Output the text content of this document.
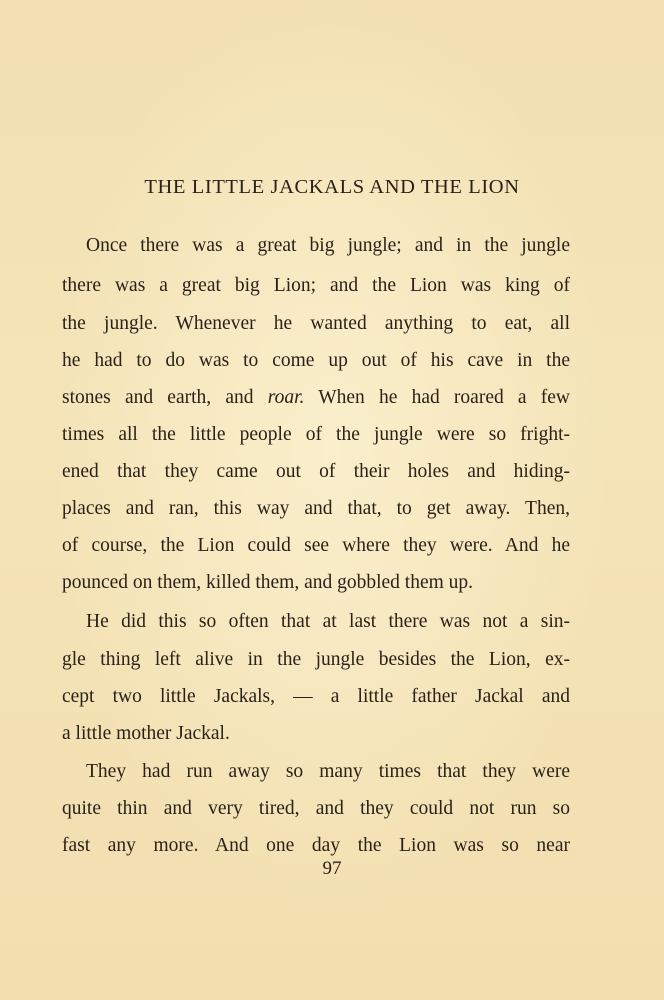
THE LITTLE JACKALS AND THE LION
Once there was a great big jungle; and in the jungle
there was a great big Lion; and the Lion was king of
the jungle. Whenever he wanted anything to eat, all
he had to do was to come up out of his cave in the
stones and earth, and roar. When he had roared a few
times all the little people of the jungle were so fright-
ened that they came out of their holes and hiding-
places and ran, this way and that, to get away. Then,
of course, the Lion could see where they were. And he
pounced on them, killed them, and gobbled them up.
He did this so often that at last there was not a sin-
gle thing left alive in the jungle besides the Lion, ex-
cept two little Jackals, — a little father Jackal and
a little mother Jackal.
They had run away so many times that they were
quite thin and very tired, and they could not run so
fast any more. And one day the Lion was so near
97
